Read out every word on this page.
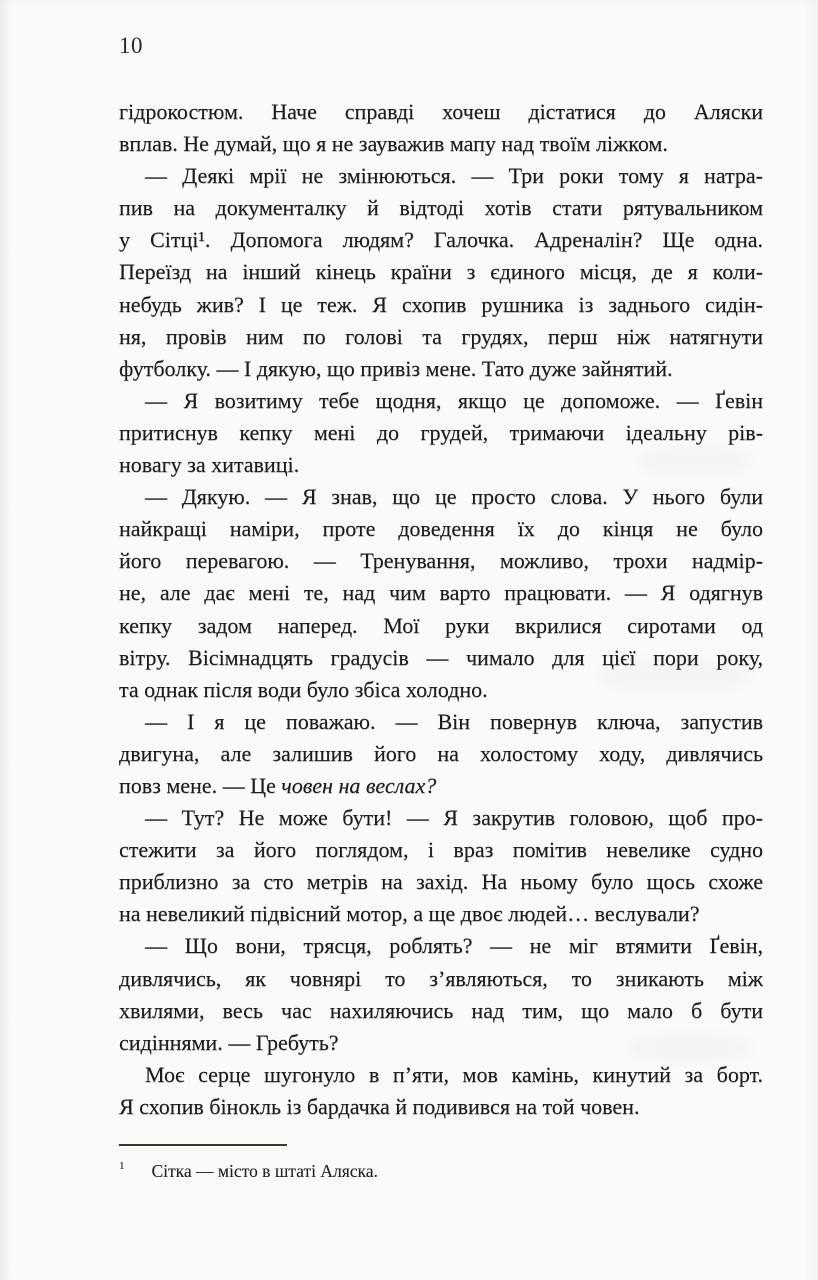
10
гідрокостюм. Наче справді хочеш дістатися до Аляски
вплав. Не думай, що я не зауважив мапу над твоїм ліжком.
— Деякі мрії не змінюються. — Три роки тому я натра-
пив на документалку й відтоді хотів стати рятувальником
у Сітці¹. Допомога людям? Галочка. Адреналін? Ще одна.
Переїзд на інший кінець країни з єдиного місця, де я коли-
небудь жив? І це теж. Я схопив рушника із заднього сидін-
ня, провів ним по голові та грудях, перш ніж натягнути
футболку. — І дякую, що привіз мене. Тато дуже зайнятий.
— Я возитиму тебе щодня, якщо це допоможе. — Ґевін
притиснув кепку мені до грудей, тримаючи ідеальну рів-
новагу за хитавиці.
— Дякую. — Я знав, що це просто слова. У нього були
найкращі наміри, проте доведення їх до кінця не було
його перевагою. — Тренування, можливо, трохи надмір-
не, але дає мені те, над чим варто працювати. — Я одягнув
кепку задом наперед. Мої руки вкрилися сиротами од
вітру. Вісімнадцять градусів — чимало для цієї пори року,
та однак після води було збіса холодно.
— І я це поважаю. — Він повернув ключа, запустив
двигуна, але залишив його на холостому ходу, дивлячись
повз мене. — Це човен на веслах?
— Тут? Не може бути! — Я закрутив головою, щоб про-
стежити за його поглядом, і враз помітив невелике судно
приблизно за сто метрів на захід. На ньому було щось схоже
на невеликий підвісний мотор, а ще двоє людей… веслували?
— Що вони, трясця, роблять? — не міг втямити Ґевін,
дивлячись, як човнярі то з’являються, то зникають між
хвилями, весь час нахиляючись над тим, що мало б бути
сидіннями. — Гребуть?
Моє серце шугонуло в п’яти, мов камінь, кинутий за борт.
Я схопив бінокль із бардачка й подивився на той човен.
$^1$ Сітка — місто в штаті Аляска.
